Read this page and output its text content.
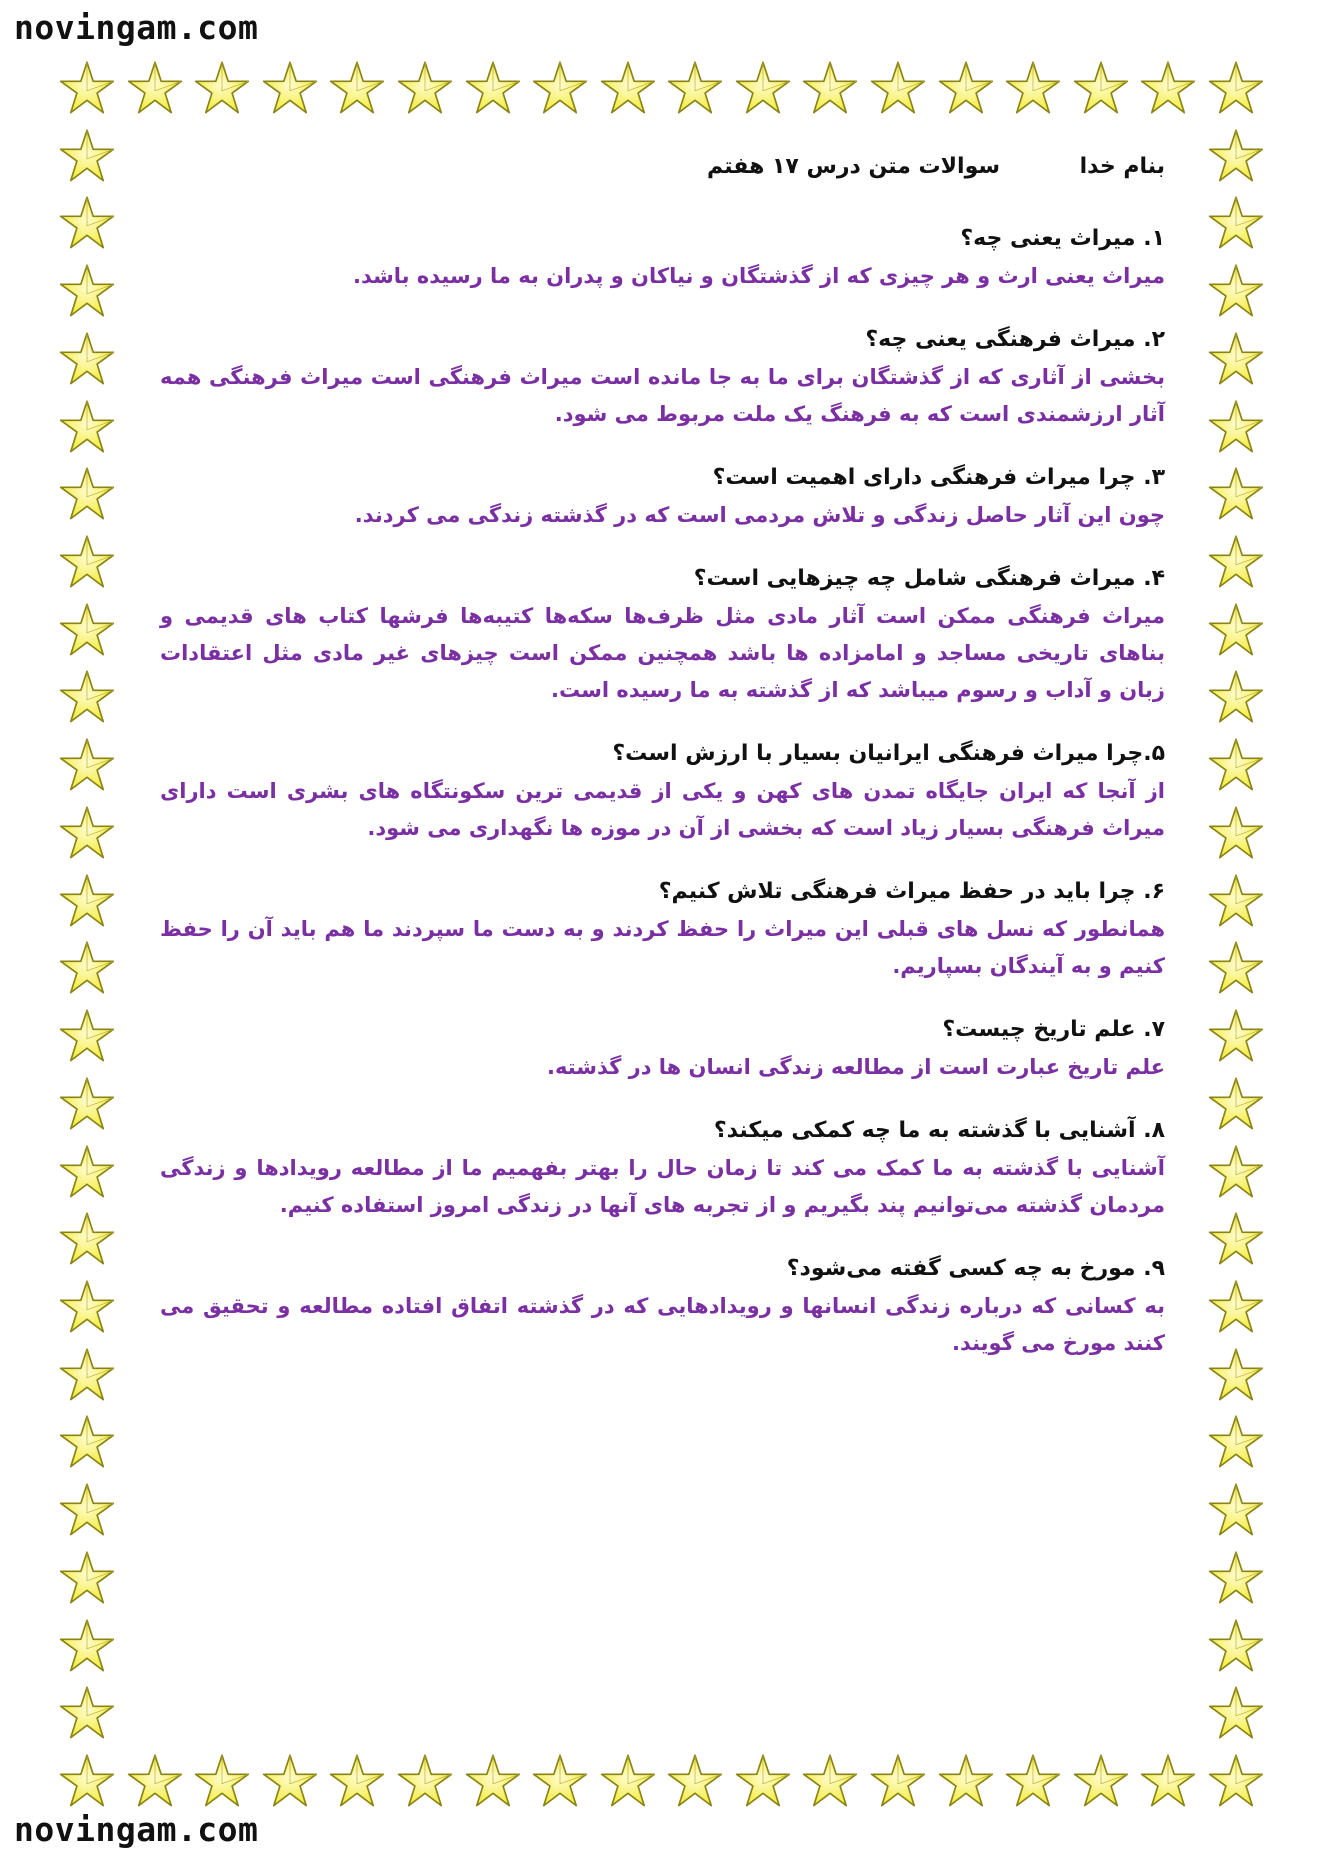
novingam.com
بنام خدا
سوالات متن درس ۱۷ هفتم
۱. میراث یعنی چه؟
میراث یعنی ارث و هر چیزی که از گذشتگان و نیاکان و پدران به ما رسیده باشد.
۲. میراث فرهنگی یعنی چه؟
بخشی از آثاری که از گذشتگان برای ما به جا مانده است میراث فرهنگی است میراث فرهنگی همه آثار ارزشمندی است که به فرهنگ یک ملت مربوط می شود.
۳. چرا میراث فرهنگی دارای اهمیت است؟
چون این آثار حاصل زندگی و تلاش مردمی است که در گذشته زندگی می کردند.
۴. میراث فرهنگی شامل چه چیزهایی است؟
میراث فرهنگی ممکن است آثار مادی مثل ظرف‌ها سکه‌ها کتیبه‌ها فرشها کتاب های قدیمی و بناهای تاریخی مساجد و امامزاده ها باشد همچنین ممکن است چیزهای غیر مادی مثل اعتقادات زبان و آداب و رسوم میباشد که از گذشته به ما رسیده است.
۵.چرا میراث فرهنگی ایرانیان بسیار با ارزش است؟
از آنجا که ایران جایگاه تمدن های کهن و یکی از قدیمی ترین سکونتگاه های بشری است دارای میراث فرهنگی بسیار زیاد است که بخشی از آن در موزه ها نگهداری می شود.
۶. چرا باید در حفظ میراث فرهنگی تلاش کنیم؟
همانطور که نسل های قبلی این میراث را حفظ کردند و به دست ما سپردند ما هم باید آن را حفظ کنیم و به آیندگان بسپاریم.
۷. علم تاریخ چیست؟
علم تاریخ عبارت است از مطالعه زندگی انسان ها در گذشته.
۸. آشنایی با گذشته به ما چه کمکی میکند؟
آشنایی با گذشته به ما کمک می کند تا زمان حال را بهتر بفهمیم ما از مطالعه رویدادها و زندگی مردمان گذشته می‌توانیم پند بگیریم و از تجربه های آنها در زندگی امروز استفاده کنیم.
۹. مورخ به چه کسی گفته می‌شود؟
به کسانی که درباره زندگی انسانها و رویدادهایی که در گذشته اتفاق افتاده مطالعه و تحقیق می کنند مورخ می گویند.
novingam.com
